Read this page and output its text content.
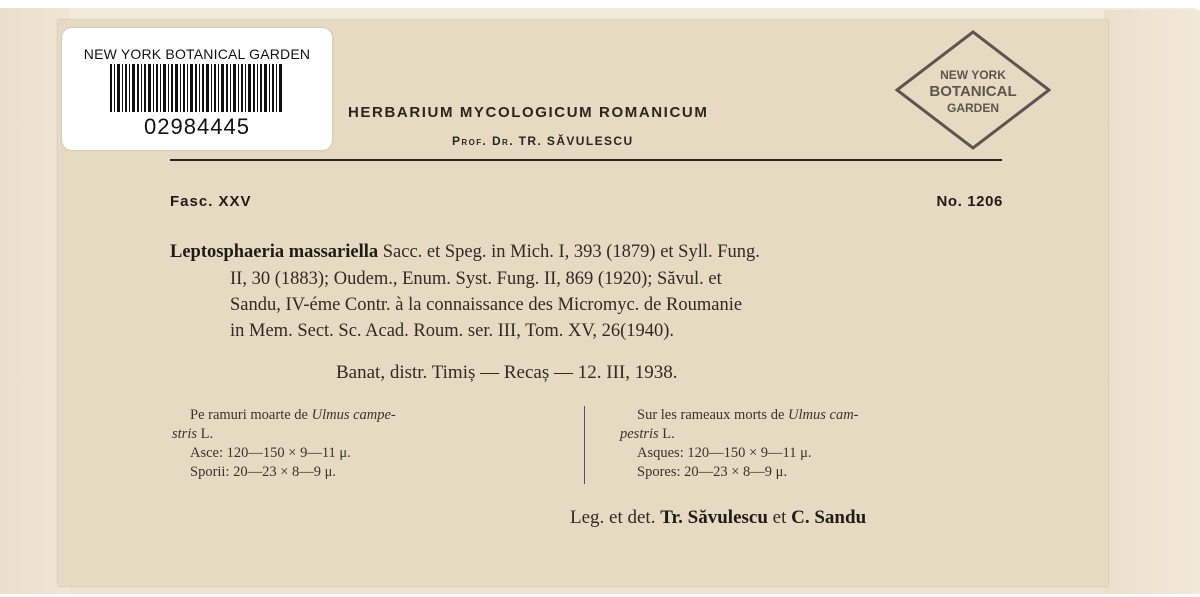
NEW YORK BOTANICAL GARDEN
02984445
NEW YORK
BOTANICAL
GARDEN
HERBARIUM MYCOLOGICUM ROMANICUM
Prof. Dr. TR. SĂVULESCU
Fasc. XXV	No. 1206
Leptosphaeria massariella Sacc. et Speg. in Mich. I, 393 (1879) et Syll. Fung.
II, 30 (1883); Oudem., Enum. Syst. Fung. II, 869 (1920); Săvul. et
Sandu, IV-éme Contr. à la connaissance des Micromyc. de Roumanie
in Mem. Sect. Sc. Acad. Roum. ser. III, Tom. XV, 26(1940).
Banat, distr. Timiș — Recaș — 12. III, 1938.
Pe ramuri moarte de Ulmus campe-
stris L.
Asce: 120—150 × 9—11 μ.
Sporii: 20—23 × 8—9 μ.
Sur les rameaux morts de Ulmus cam-
pestris L.
Asques: 120—150 × 9—11 μ.
Spores: 20—23 × 8—9 μ.
Leg. et det. Tr. Săvulescu et C. Sandu
